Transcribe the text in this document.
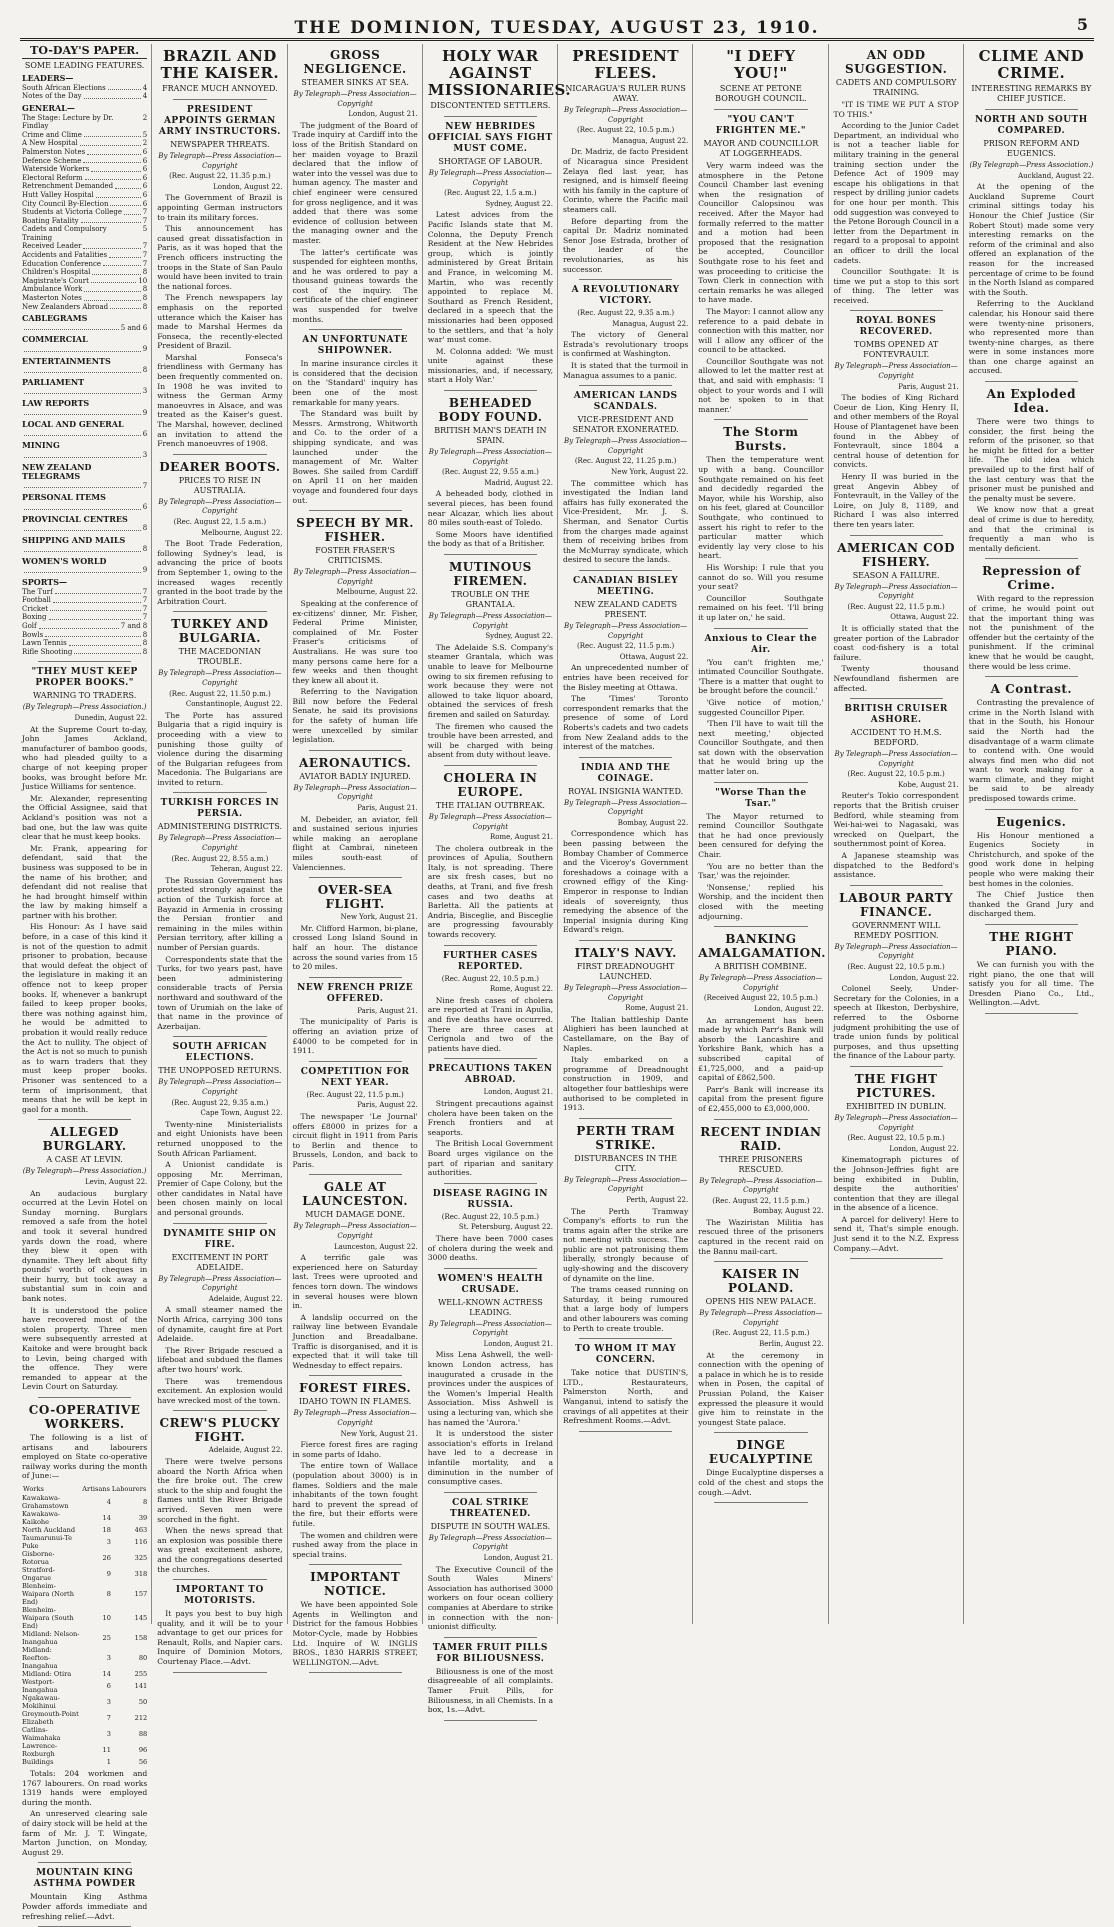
THE DOMINION, TUESDAY, AUGUST 23, 1910.	5
TO-DAY'S PAPER.
SOME LEADING FEATURES.
LEADERS—
South African Elections	4
Notes of the Day	4
GENERAL—
The Stage: Lecture by Dr. Findlay
2
Crime and Clime	5
A New Hospital	2
Palmerston Notes	6
Defence Scheme	6
Waterside Workers	6
Electoral Reform	6
Retrenchment Demanded	6
Hutt Valley Hospital	6
City Council By-Election	6
Students at Victoria College	7
Boating Fatality	7
Cadets and Compulsory Training
5
Received Leader	7
Accidents and Fatalities	7
Education Conference	7
Children's Hospital	8
Magistrate's Court	10
Ambulance Work	8
Masterton Notes	8
New Zealanders Abroad	8
CABLEGRAMS
5 and 6
COMMERCIAL
9
ENTERTAINMENTS
8
PARLIAMENT
3
LAW REPORTS
9
LOCAL AND GENERAL
6
MINING
3
NEW ZEALAND TELEGRAMS
7
PERSONAL ITEMS
6
PROVINCIAL CENTRES
8
SHIPPING AND MAILS
8
WOMEN'S WORLD
9
SPORTS—
The Turf	7
Football	7
Cricket	7
Boxing	7
Golf	7 and 8
Bowls	8
Lawn Tennis	8
Rifle Shooting	8
"THEY MUST KEEP PROPER BOOKS."
WARNING TO TRADERS.
(By Telegraph—Press Association.)
Dunedin, August 22.

At the Supreme Court to-day, John James Ackland, manufacturer of bamboo goods, who had pleaded guilty to a charge of not keeping proper books, was brought before Mr. Justice Williams for sentence.

Mr. Alexander, representing the Official Assignee, said that Ackland's position was not a bad one, but the law was quite clear that he must keep books.

Mr. Frank, appearing for defendant, said that the business was supposed to be in the name of his brother, and defendant did not realise that he had brought himself within the law by making himself a partner with his brother.

His Honour: As I have said before, in a case of this kind it is not of the question to admit prisoner to probation, because that would defeat the object of the legislature in making it an offence not to keep proper books. If, whenever a bankrupt failed to keep proper books, there was nothing against him, he would be admitted to probation it would really reduce the Act to nullity. The object of the Act is not so much to punish as to warn traders that they must keep proper books. Prisoner was sentenced to a term of imprisonment, that means that he will be kept in gaol for a month.

ALLEGED BURGLARY.
A CASE AT LEVIN.
(By Telegraph—Press Association.)
Levin, August 22.

An audacious burglary occurred at the Levin Hotel on Sunday morning. Burglars removed a safe from the hotel and took it several hundred yards down the road, where they blew it open with dynamite. They left about fifty pounds' worth of cheques in their hurry, but took away a substantial sum in coin and bank notes.

It is understood the police have recovered most of the stolen property. Three men were subsequently arrested at Kaitoke and were brought back to Levin, being charged with the offence. They were remanded to appear at the Levin Court on Saturday.

CO-OPERATIVE WORKERS.

The following is a list of artisans and labourers employed on State co-operative railway works during the month of June:—

Works	Artisans	Labourers
Kawakawa-Grahamstown	4	8
Kawakawa-Kaikohe	14	39
North Auckland	18	463
Taumarunui-Te Puke	3	116
Gisborne-Rotorua	26	325
Stratford-Ongarue	9	318
Blenheim-Waipara (North End)	8	157
Blenheim-Waipara (South End)	10	145
Midland: Nelson-Inangahua	25	158
Midland: Reefton-Inangahua	3	80
Midland: Otira	14	255
Westport-Inangahua	6	141
Ngakawau-Mokihinui	3	50
Greymouth-Point Elizabeth	7	212
Catlins-Waimahaka	3	88
Lawrence-Roxburgh	11	96
Buildings	1	56

Totals: 204 workmen and 1767 labourers. On road works 1319 hands were employed during the month.

An unreserved clearing sale of dairy stock will be held at the farm of Mr. J. T. Wingate, Marton Junction, on Monday, August 29.

MOUNTAIN KING ASTHMA POWDER

Mountain King Asthma Powder affords immediate and refreshing relief.—Advt.

BRAZIL AND THE KAISER.
FRANCE MUCH ANNOYED.
PRESIDENT APPOINTS GERMAN ARMY INSTRUCTORS.
NEWSPAPER THREATS.
By Telegraph—Press Association—Copyright
(Rec. August 22, 11.35 p.m.)
London, August 22.

The Government of Brazil is appointing German instructors to train its military forces.

This announcement has caused great dissatisfaction in Paris, as it was hoped that the French officers instructing the troops in the State of San Paulo would have been invited to train the national forces.

The French newspapers lay emphasis on the reported utterance which the Kaiser has made to Marshal Hermes da Fonseca, the recently-elected President of Brazil.

Marshal Fonseca's friendliness with Germany has been frequently commented on. In 1908 he was invited to witness the German Army manoeuvres in Alsace, and was treated as the Kaiser's guest. The Marshal, however, declined an invitation to attend the French manoeuvres of 1908.

DEARER BOOTS.
PRICES TO RISE IN AUSTRALIA.
By Telegraph—Press Association—Copyright
(Rec. August 22, 1.5 a.m.)
Melbourne, August 22.

The Boot Trade Federation, following Sydney's lead, is advancing the price of boots from September 1, owing to the increased wages recently granted in the boot trade by the Arbitration Court.

TURKEY AND BULGARIA.
THE MACEDONIAN TROUBLE.
By Telegraph—Press Association—Copyright
(Rec. August 22, 11.50 p.m.)
Constantinople, August 22.

The Porte has assured Bulgaria that a rigid inquiry is proceeding with a view to punishing those guilty of violence during the disarming of the Bulgarian refugees from Macedonia. The Bulgarians are invited to return.

TURKISH FORCES IN PERSIA.
ADMINISTERING DISTRICTS.
By Telegraph—Press Association—Copyright
(Rec. August 22, 8.55 a.m.)
Teheran, August 22.

The Russian Government has protested strongly against the action of the Turkish force at Bayazid in Armenia in crossing the Persian frontier and remaining in the miles within Persian territory, after killing a number of Persian guards.

Correspondents state that the Turks, for two years past, have been administering considerable tracts of Persia northward and southward of the town of Urumiah on the lake of that name in the province of Azerbaijan.

SOUTH AFRICAN ELECTIONS.
THE UNOPPOSED RETURNS.
By Telegraph—Press Association—Copyright
(Rec. August 22, 9.35 a.m.)
Cape Town, August 22.

Twenty-nine Ministerialists and eight Unionists have been returned unopposed to the South African Parliament.

A Unionist candidate is opposing Mr. Merriman, Premier of Cape Colony, but the other candidates in Natal have been chosen mainly on local and personal grounds.

DYNAMITE SHIP ON FIRE.
EXCITEMENT IN PORT ADELAIDE.
By Telegraph—Press Association—Copyright
Adelaide, August 22.

A small steamer named the North Africa, carrying 300 tons of dynamite, caught fire at Port Adelaide.

The River Brigade rescued a lifeboat and subdued the flames after two hours' work.

There was tremendous excitement. An explosion would have wrecked most of the town.

CREW'S PLUCKY FIGHT.
Adelaide, August 22.

There were twelve persons aboard the North Africa when the fire broke out. The crew stuck to the ship and fought the flames until the River Brigade arrived. Seven men were scorched in the fight.

When the news spread that an explosion was possible there was great excitement ashore, and the congregations deserted the churches.

IMPORTANT TO MOTORISTS.

It pays you best to buy high quality, and it will be to your advantage to get our prices for Renault, Rolls, and Napier cars. Inquire of Dominion Motors, Courtenay Place.—Advt.

GROSS NEGLIGENCE.
STEAMER SINKS AT SEA.
By Telegraph—Press Association—Copyright
London, August 21.

The judgment of the Board of Trade inquiry at Cardiff into the loss of the British Standard on her maiden voyage to Brazil declared that the inflow of water into the vessel was due to human agency. The master and chief engineer were censured for gross negligence, and it was added that there was some evidence of collusion between the managing owner and the master.

The latter's certificate was suspended for eighteen months, and he was ordered to pay a thousand guineas towards the cost of the inquiry. The certificate of the chief engineer was suspended for twelve months.

AN UNFORTUNATE SHIPOWNER.

In marine insurance circles it is considered that the decision on the 'Standard' inquiry has been one of the most remarkable for many years.

The Standard was built by Messrs. Armstrong, Whitworth and Co. to the order of a shipping syndicate, and was launched under the management of Mr. Walter Bowes. She sailed from Cardiff on April 11 on her maiden voyage and foundered four days out.

SPEECH BY MR. FISHER.
FOSTER FRASER'S CRITICISMS.
By Telegraph—Press Association—Copyright
Melbourne, August 22.

Speaking at the conference of ex-citizens' dinner, Mr. Fisher, Federal Prime Minister, complained of Mr. Foster Fraser's criticisms of Australians. He was sure too many persons came here for a few weeks and then thought they knew all about it.

Referring to the Navigation Bill now before the Federal Senate, he said its provisions for the safety of human life were unexcelled by similar legislation.

AERONAUTICS.
AVIATOR BADLY INJURED.
By Telegraph—Press Association—Copyright
Paris, August 21.

M. Debeider, an aviator, fell and sustained serious injuries while making an aeroplane flight at Cambrai, nineteen miles south-east of Valenciennes.

OVER-SEA FLIGHT.
New York, August 21.

Mr. Clifford Harmon, bi-plane, crossed Long Island Sound in half an hour. The distance across the sound varies from 15 to 20 miles.

NEW FRENCH PRIZE OFFERED.
Paris, August 21.

The municipality of Paris is offering an aviation prize of £4000 to be competed for in 1911.

COMPETITION FOR NEXT YEAR.
(Rec. August 22, 11.5 p.m.)
Paris, August 22.

The newspaper 'Le Journal' offers £8000 in prizes for a circuit flight in 1911 from Paris to Berlin and thence to Brussels, London, and back to Paris.

GALE AT LAUNCESTON.
MUCH DAMAGE DONE.
By Telegraph—Press Association—Copyright
Launceston, August 22.

A terrific gale was experienced here on Saturday last. Trees were uprooted and fences torn down. The windows in several houses were blown in.

A landslip occurred on the railway line between Evandale Junction and Breadalbane. Traffic is disorganised, and it is expected that it will take till Wednesday to effect repairs.

FOREST FIRES.
IDAHO TOWN IN FLAMES.
By Telegraph—Press Association—Copyright
New York, August 21.

Fierce forest fires are raging in some parts of Idaho.

The entire town of Wallace (population about 3000) is in flames. Soldiers and the male inhabitants of the town fought hard to prevent the spread of the fire, but their efforts were futile.

The women and children were rushed away from the place in special trains.

IMPORTANT NOTICE.

We have been appointed Sole Agents in Wellington and District for the famous Hobbies Motor-Cycle, made by Hobbies Ltd. Inquire of W. INGLIS BROS., 1830 HARRIS STREET, WELLINGTON.—Advt.

HOLY WAR AGAINST MISSIONARIES.
DISCONTENTED SETTLERS.
NEW HEBRIDES OFFICIAL SAYS FIGHT MUST COME.
SHORTAGE OF LABOUR.
By Telegraph—Press Association—Copyright
(Rec. August 22, 1.5 a.m.)
Sydney, August 22.

Latest advices from the Pacific Islands state that M. Colonna, the Deputy French Resident at the New Hebrides group, which is jointly administered by Great Britain and France, in welcoming M. Martin, who was recently appointed to replace M. Southard as French Resident, declared in a speech that the missionaries had been opposed to the settlers, and that 'a holy war' must come.

M. Colonna added: 'We must unite against these missionaries, and, if necessary, start a Holy War.'

BEHEADED BODY FOUND.
BRITISH MAN'S DEATH IN SPAIN.
By Telegraph—Press Association—Copyright
(Rec. August 22, 9.55 a.m.)
Madrid, August 22.

A beheaded body, clothed in several pieces, has been found near Alcazar, which lies about 80 miles south-east of Toledo.

Some Moors have identified the body as that of a Britisher.

MUTINOUS FIREMEN.
TROUBLE ON THE GRANTALA.
By Telegraph—Press Association—Copyright
Sydney, August 22.

The Adelaide S.S. Company's steamer Grantala, which was unable to leave for Melbourne owing to six firemen refusing to work because they were not allowed to take liquor aboard, obtained the services of fresh firemen and sailed on Saturday.

The firemen who caused the trouble have been arrested, and will be charged with being absent from duty without leave.

CHOLERA IN EUROPE.
THE ITALIAN OUTBREAK.
By Telegraph—Press Association—Copyright
Rome, August 21.

The cholera outbreak in the provinces of Apulia, Southern Italy, is not spreading. There are six fresh cases, but no deaths, at Trani, and five fresh cases and two deaths at Barletta. All the patients at Andria, Bisceglie, and Bisceglie are progressing favourably towards recovery.

FURTHER CASES REPORTED.
(Rec. August 22, 10.5 p.m.)
Rome, August 22.

Nine fresh cases of cholera are reported at Trani in Apulia, and five deaths have occurred. There are three cases at Cerignola and two of the patients have died.

PRECAUTIONS TAKEN ABROAD.
London, August 21.

Stringent precautions against cholera have been taken on the French frontiers and at seaports.

The British Local Government Board urges vigilance on the part of riparian and sanitary authorities.

DISEASE RAGING IN RUSSIA.
(Rec. August 22, 10.5 p.m.)
St. Petersburg, August 22.

There have been 7000 cases of cholera during the week and 3000 deaths.

WOMEN'S HEALTH CRUSADE.
WELL-KNOWN ACTRESS LEADING.
By Telegraph—Press Association—Copyright
London, August 21.

Miss Lena Ashwell, the well-known London actress, has inaugurated a crusade in the provinces under the auspices of the Women's Imperial Health Association. Miss Ashwell is using a lecturing van, which she has named the 'Aurora.'

It is understood the sister association's efforts in Ireland have led to a decrease in infantile mortality, and a diminution in the number of consumptive cases.

COAL STRIKE THREATENED.
DISPUTE IN SOUTH WALES.
By Telegraph—Press Association—Copyright
London, August 21.

The Executive Council of the South Wales Miners' Association has authorised 3000 workers on four ocean colliery companies at Aberdare to strike in connection with the non-unionist difficulty.

TAMER FRUIT PILLS FOR BILIOUSNESS.

Biliousness is one of the most disagreeable of all complaints. Tamer Fruit Pills, for Biliousness, in all Chemists. In a box, 1s.—Advt.

PRESIDENT FLEES.
NICARAGUA'S RULER RUNS AWAY.
By Telegraph—Press Association—Copyright
(Rec. August 22, 10.5 p.m.)
Managua, August 22.

Dr. Madriz, de facto President of Nicaragua since President Zelaya fled last year, has resigned, and is himself fleeing with his family in the capture of Corinto, where the Pacific mail steamers call.

Before departing from the capital Dr. Madriz nominated Senor Jose Estrada, brother of the leader of the revolutionaries, as his successor.

A REVOLUTIONARY VICTORY.
(Rec. August 22, 9.35 a.m.)
Managua, August 22.

The victory of General Estrada's revolutionary troops is confirmed at Washington.

It is stated that the turmoil in Managua assumes to a panic.

AMERICAN LANDS SCANDALS.
VICE-PRESIDENT AND SENATOR EXONERATED.
By Telegraph—Press Association—Copyright
(Rec. August 22, 11.25 p.m.)
New York, August 22.

The committee which has investigated the Indian land affairs has fully exonerated the Vice-President, Mr. J. S. Sherman, and Senator Curtis from the charges made against them of receiving bribes from the McMurray syndicate, which desired to secure the lands.

CANADIAN BISLEY MEETING.
NEW ZEALAND CADETS PRESENT.
By Telegraph—Press Association—Copyright
(Rec. August 22, 11.5 p.m.)
Ottawa, August 22.

An unprecedented number of entries have been received for the Bisley meeting at Ottawa.

The 'Times' Toronto correspondent remarks that the presence of some of Lord Roberts's cadets and two cadets from New Zealand adds to the interest of the matches.

INDIA AND THE COINAGE.
ROYAL INSIGNIA WANTED.
By Telegraph—Press Association—Copyright
Bombay, August 22.

Correspondence which has been passing between the Bombay Chamber of Commerce and the Viceroy's Government foreshadows a coinage with a crowned effigy of the King-Emperor in response to Indian ideals of sovereignty, thus remedying the absence of the Imperial insignia during King Edward's reign.

ITALY'S NAVY.
FIRST DREADNOUGHT LAUNCHED.
By Telegraph—Press Association—Copyright
Rome, August 21.

The Italian battleship Dante Alighieri has been launched at Castellamare, on the Bay of Naples.

Italy embarked on a programme of Dreadnought construction in 1909, and altogether four battleships were authorised to be completed in 1913.

PERTH TRAM STRIKE.
DISTURBANCES IN THE CITY.
By Telegraph—Press Association—Copyright
Perth, August 22.

The Perth Tramway Company's efforts to run the trams again after the strike are not meeting with success. The public are not patronising them liberally, strongly because of ugly-showing and the discovery of dynamite on the line.

The trams ceased running on Saturday, it being rumoured that a large body of lumpers and other labourers was coming to Perth to create trouble.

TO WHOM IT MAY CONCERN.

Take notice that DUSTIN'S, LTD., Restaurateurs, Palmerston North, and Wanganui, intend to satisfy the cravings of all appetites at their Refreshment Rooms.—Advt.

"I DEFY YOU!"
SCENE AT PETONE BOROUGH COUNCIL.
"YOU CAN'T FRIGHTEN ME."
MAYOR AND COUNCILLOR AT LOGGERHEADS.

Very warm indeed was the atmosphere in the Petone Council Chamber last evening when the resignation of Councillor Calopsinou was received. After the Mayor had formally referred to the matter and a motion had been proposed that the resignation be accepted, Councillor Southgate rose to his feet and was proceeding to criticise the Town Clerk in connection with certain remarks he was alleged to have made.

The Mayor: I cannot allow any reference to a paid debate in connection with this matter, nor will I allow any officer of the council to be attacked.

Councillor Southgate was not allowed to let the matter rest at that, and said with emphasis: 'I object to your words and I will not be spoken to in that manner.'

The Storm Bursts.

Then the temperature went up with a bang. Councillor Southgate remained on his feet and decidedly regarded the Mayor, while his Worship, also on his feet, glared at Councillor Southgate, who continued to assert his right to refer to the particular matter which evidently lay very close to his heart.

His Worship: I rule that you cannot do so. Will you resume your seat?

Councillor Southgate remained on his feet. 'I'll bring it up later on,' he said.

Anxious to Clear the Air.

'You can't frighten me,' intimated Councillor Southgate. 'There is a matter that ought to be brought before the council.'

'Give notice of motion,' suggested Councillor Piper.

'Then I'll have to wait till the next meeting,' objected Councillor Southgate, and then sat down with the observation that he would bring up the matter later on.

"Worse Than the Tsar."

The Mayor returned to remind Councillor Southgate that he had once previously been censured for defying the Chair.

'You are no better than the Tsar,' was the rejoinder.

'Nonsense,' replied his Worship, and the incident then closed with the meeting adjourning.

BANKING AMALGAMATION.
A BRITISH COMBINE.
By Telegraph—Press Association—Copyright
(Received August 22, 10.5 p.m.)
London, August 22.

An arrangement has been made by which Parr's Bank will absorb the Lancashire and Yorkshire Bank, which has a subscribed capital of £1,725,000, and a paid-up capital of £862,500.

Parr's Bank will increase its capital from the present figure of £2,455,000 to £3,000,000.

RECENT INDIAN RAID.
THREE PRISONERS RESCUED.
By Telegraph—Press Association—Copyright
(Rec. August 22, 11.5 p.m.)
Bombay, August 22.

The Waziristan Militia has rescued three of the prisoners captured in the recent raid on the Bannu mail-cart.

KAISER IN POLAND.
OPENS HIS NEW PALACE.
By Telegraph—Press Association—Copyright
(Rec. August 22, 11.5 p.m.)
Berlin, August 22.

At the ceremony in connection with the opening of a palace in which he is to reside when in Posen, the capital of Prussian Poland, the Kaiser expressed the pleasure it would give him to reinstate in the youngest State palace.

DINGE EUCALYPTINE

Dinge Eucalyptine disperses a cold of the chest and stops the cough.—Advt.

AN ODD SUGGESTION.
CADETS AND COMPULSORY TRAINING.

"IT IS TIME WE PUT A STOP TO THIS."

According to the Junior Cadet Department, an individual who is not a teacher liable for military training in the general training section under the Defence Act of 1909 may escape his obligations in that respect by drilling junior cadets for one hour per month. This odd suggestion was conveyed to the Petone Borough Council in a letter from the Department in regard to a proposal to appoint an officer to drill the local cadets.

Councillor Southgate: It is time we put a stop to this sort of thing. The letter was received.

ROYAL BONES RECOVERED.
TOMBS OPENED AT FONTEVRAULT.
By Telegraph—Press Association—Copyright
Paris, August 21.

The bodies of King Richard Coeur de Lion, King Henry II, and other members of the Royal House of Plantagenet have been found in the Abbey of Fontevrault, since 1804 a central house of detention for convicts.

Henry II was buried in the great Angevin Abbey of Fontevrault, in the Valley of the Loire, on July 8, 1189, and Richard I was also interred there ten years later.

AMERICAN COD FISHERY.
SEASON A FAILURE.
By Telegraph—Press Association—Copyright
(Rec. August 22, 11.5 p.m.)
Ottawa, August 22.

It is officially stated that the greater portion of the Labrador coast cod-fishery is a total failure.

Twenty thousand Newfoundland fishermen are affected.

BRITISH CRUISER ASHORE.
ACCIDENT TO H.M.S. BEDFORD.
By Telegraph—Press Association—Copyright
(Rec. August 22, 10.5 p.m.)
Kobe, August 21.

Reuter's Tokio correspondent reports that the British cruiser Bedford, while steaming from Wei-hai-wei to Nagasaki, was wrecked on Quelpart, the southernmost point of Korea.

A Japanese steamship was dispatched to the Bedford's assistance.

LABOUR PARTY FINANCE.
GOVERNMENT WILL REMEDY POSITION.
By Telegraph—Press Association—Copyright
(Rec. August 22, 10.5 p.m.)
London, August 22.

Colonel Seely, Under-Secretary for the Colonies, in a speech at Ilkeston, Derbyshire, referred to the Osborne judgment prohibiting the use of trade union funds by political purposes, and thus upsetting the finance of the Labour party.

THE FIGHT PICTURES.
EXHIBITED IN DUBLIN.
By Telegraph—Press Association—Copyright
(Rec. August 22, 10.5 p.m.)
London, August 22.

Kinematograph pictures of the Johnson-Jeffries fight are being exhibited in Dublin, despite the authorities' contention that they are illegal in the absence of a licence.

A parcel for delivery! Here to send it, That's simple enough. Just send it to the N.Z. Express Company.—Advt.

CLIME AND CRIME.
INTERESTING REMARKS BY CHIEF JUSTICE.
NORTH AND SOUTH COMPARED.
PRISON REFORM AND EUGENICS.
(By Telegraph—Press Association.)
Auckland, August 22.

At the opening of the Auckland Supreme Court criminal sittings today his Honour the Chief Justice (Sir Robert Stout) made some very interesting remarks on the reform of the criminal and also offered an explanation of the reason for the increased percentage of crime to be found in the North Island as compared with the South.

Referring to the Auckland calendar, his Honour said there were twenty-nine prisoners, who represented more than twenty-nine charges, as there were in some instances more than one charge against an accused.

An Exploded Idea.

There were two things to consider, the first being the reform of the prisoner, so that he might be fitted for a better life. The old idea which prevailed up to the first half of the last century was that the prisoner must be punished and the penalty must be severe.

We know now that a great deal of crime is due to heredity, and that the criminal is frequently a man who is mentally deficient.

Repression of Crime.

With regard to the repression of crime, he would point out that the important thing was not the punishment of the offender but the certainty of the punishment. If the criminal knew that he would be caught, there would be less crime.

A Contrast.

Contrasting the prevalence of crime in the North Island with that in the South, his Honour said the North had the disadvantage of a warm climate to contend with. One would always find men who did not want to work making for a warm climate, and they might be said to be already predisposed towards crime.

Eugenics.

His Honour mentioned a Eugenics Society in Christchurch, and spoke of the good work done in helping people who were making their best homes in the colonies.

The Chief Justice then thanked the Grand Jury and discharged them.

THE RIGHT PIANO.

We can furnish you with the right piano, the one that will satisfy you for all time. The Dresden Piano Co., Ltd., Wellington.—Advt.
